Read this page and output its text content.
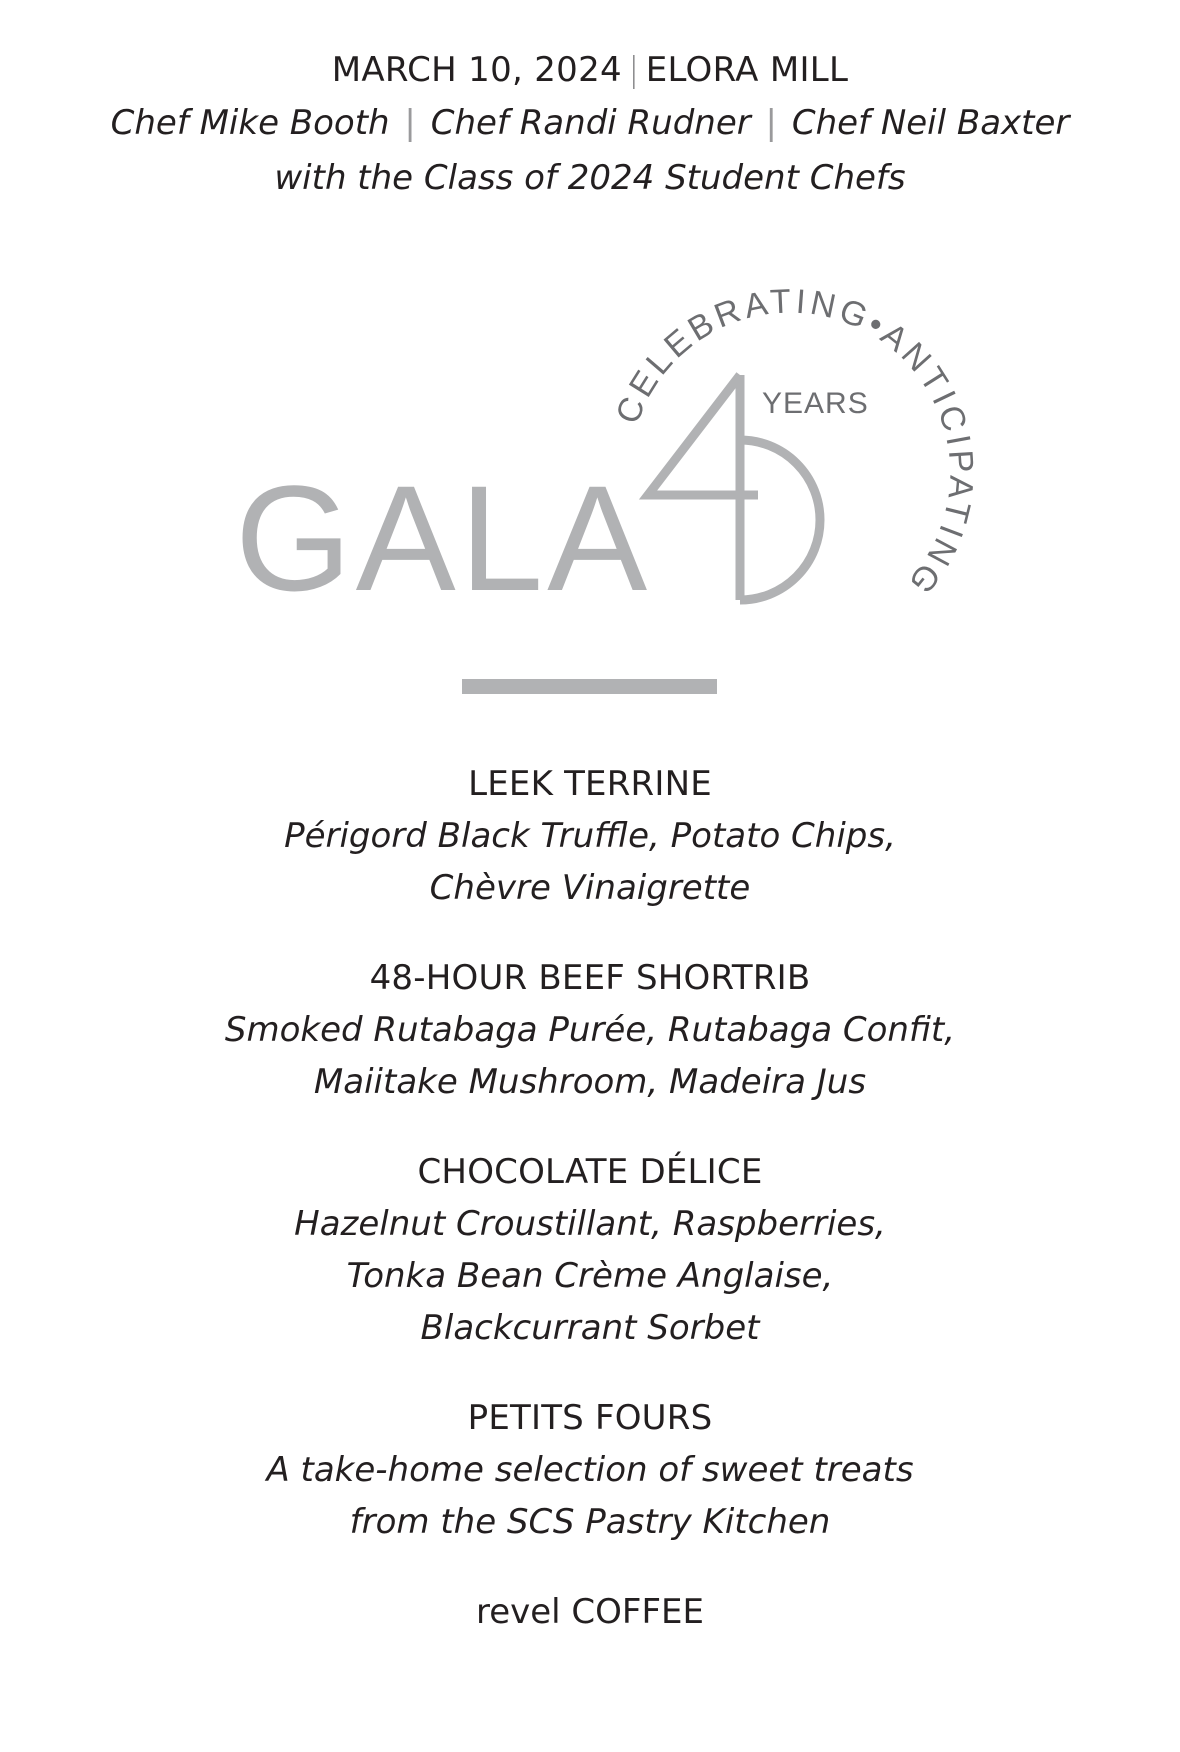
MARCH 10, 2024 | ELORA MILL
Chef Mike Booth | Chef Randi Rudner | Chef Neil Baxter
with the Class of 2024 Student Chefs
GALA
YEARS
CELEBRATING•ANTICIPATING
LEEK TERRINE
Périgord Black Truffle, Potato Chips,
Chèvre Vinaigrette
48-HOUR BEEF SHORTRIB
Smoked Rutabaga Purée, Rutabaga Confit,
Maiitake Mushroom, Madeira Jus
CHOCOLATE DÉLICE
Hazelnut Croustillant, Raspberries,
Tonka Bean Crème Anglaise,
Blackcurrant Sorbet
PETITS FOURS
A take-home selection of sweet treats
from the SCS Pastry Kitchen
revel COFFEE
